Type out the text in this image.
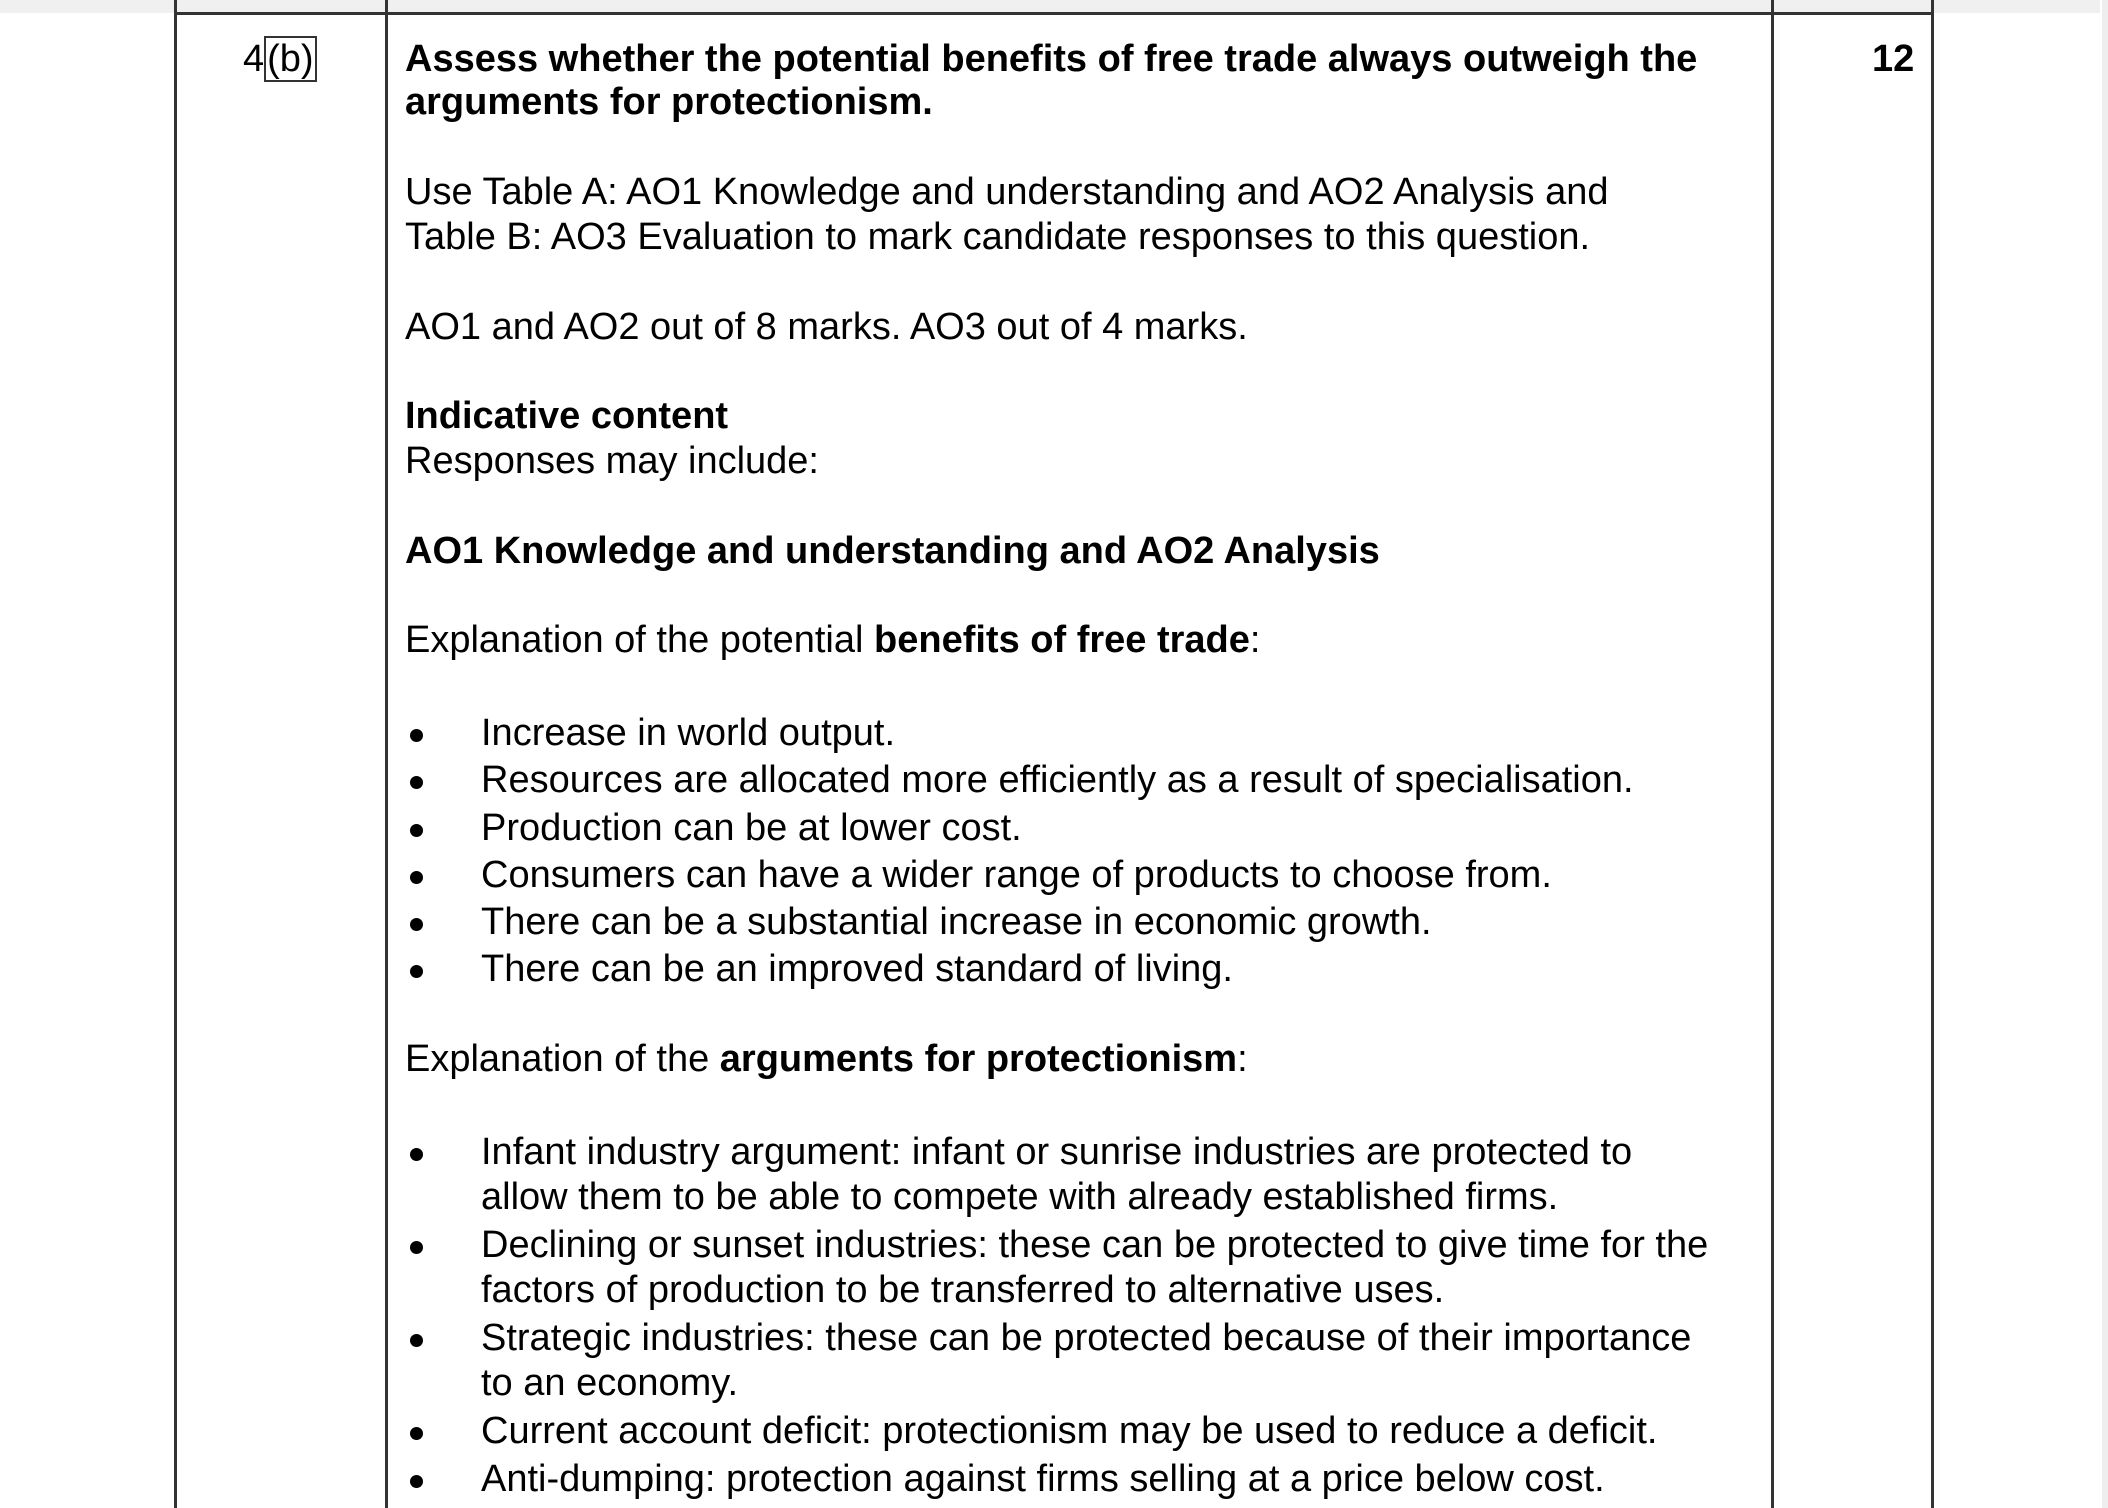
4(b)	12
Assess whether the potential benefits of free trade always outweigh the
arguments for protectionism.
Use Table A: AO1 Knowledge and understanding and AO2 Analysis and
Table B: AO3 Evaluation to mark candidate responses to this question.
AO1 and AO2 out of 8 marks. AO3 out of 4 marks.
Indicative content
Responses may include:
AO1 Knowledge and understanding and AO2 Analysis
Explanation of the potential benefits of free trade:
Increase in world output.
Resources are allocated more efficiently as a result of specialisation.
Production can be at lower cost.
Consumers can have a wider range of products to choose from.
There can be a substantial increase in economic growth.
There can be an improved standard of living.
Explanation of the arguments for protectionism:
Infant industry argument: infant or sunrise industries are protected to
allow them to be able to compete with already established firms.
Declining or sunset industries: these can be protected to give time for the
factors of production to be transferred to alternative uses.
Strategic industries: these can be protected because of their importance
to an economy.
Current account deficit: protectionism may be used to reduce a deficit.
Anti-dumping: protection against firms selling at a price below cost.
